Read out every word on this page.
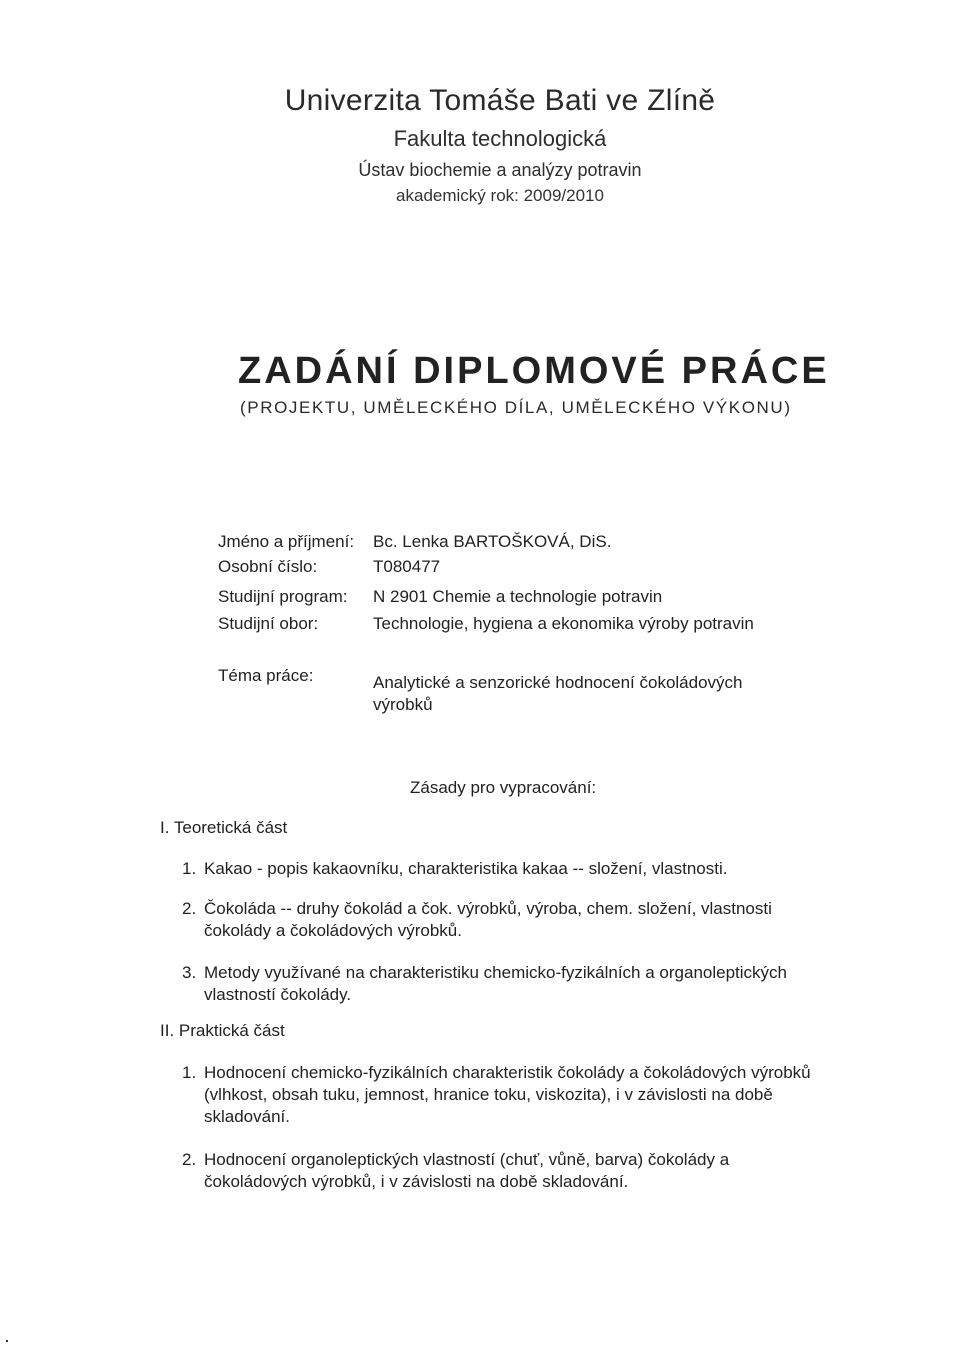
Univerzita Tomáše Bati ve Zlíně
Fakulta technologická
Ústav biochemie a analýzy potravin
akademický rok: 2009/2010
ZADÁNÍ DIPLOMOVÉ PRÁCE
(PROJEKTU, UMĚLECKÉHO DÍLA, UMĚLECKÉHO VÝKONU)
Jméno a příjmení:	Bc. Lenka BARTOŠKOVÁ, DiS.
Osobní číslo:	T080477
Studijní program:	N 2901 Chemie a technologie potravin
Studijní obor:	Technologie, hygiena a ekonomika výroby potravin
Téma práce:	Analytické a senzorické hodnocení čokoládových výrobků
Zásady pro vypracování:
I. Teoretická část
1. Kakao - popis kakaovníku, charakteristika kakaa -- složení, vlastnosti.
2. Čokoláda -- druhy čokolád a čok. výrobků, výroba, chem. složení, vlastnosti čokolády a čokoládových výrobků.
3. Metody využívané na charakteristiku chemicko-fyzikálních a organoleptických vlastností čokolády.
II. Praktická část
1. Hodnocení chemicko-fyzikálních charakteristik čokolády a čokoládových výrobků (vlhkost, obsah tuku, jemnost, hranice toku, viskozita), i v závislosti na době skladování.
2. Hodnocení organoleptických vlastností (chuť, vůně, barva) čokolády a čokoládových výrobků, i v závislosti na době skladování.
